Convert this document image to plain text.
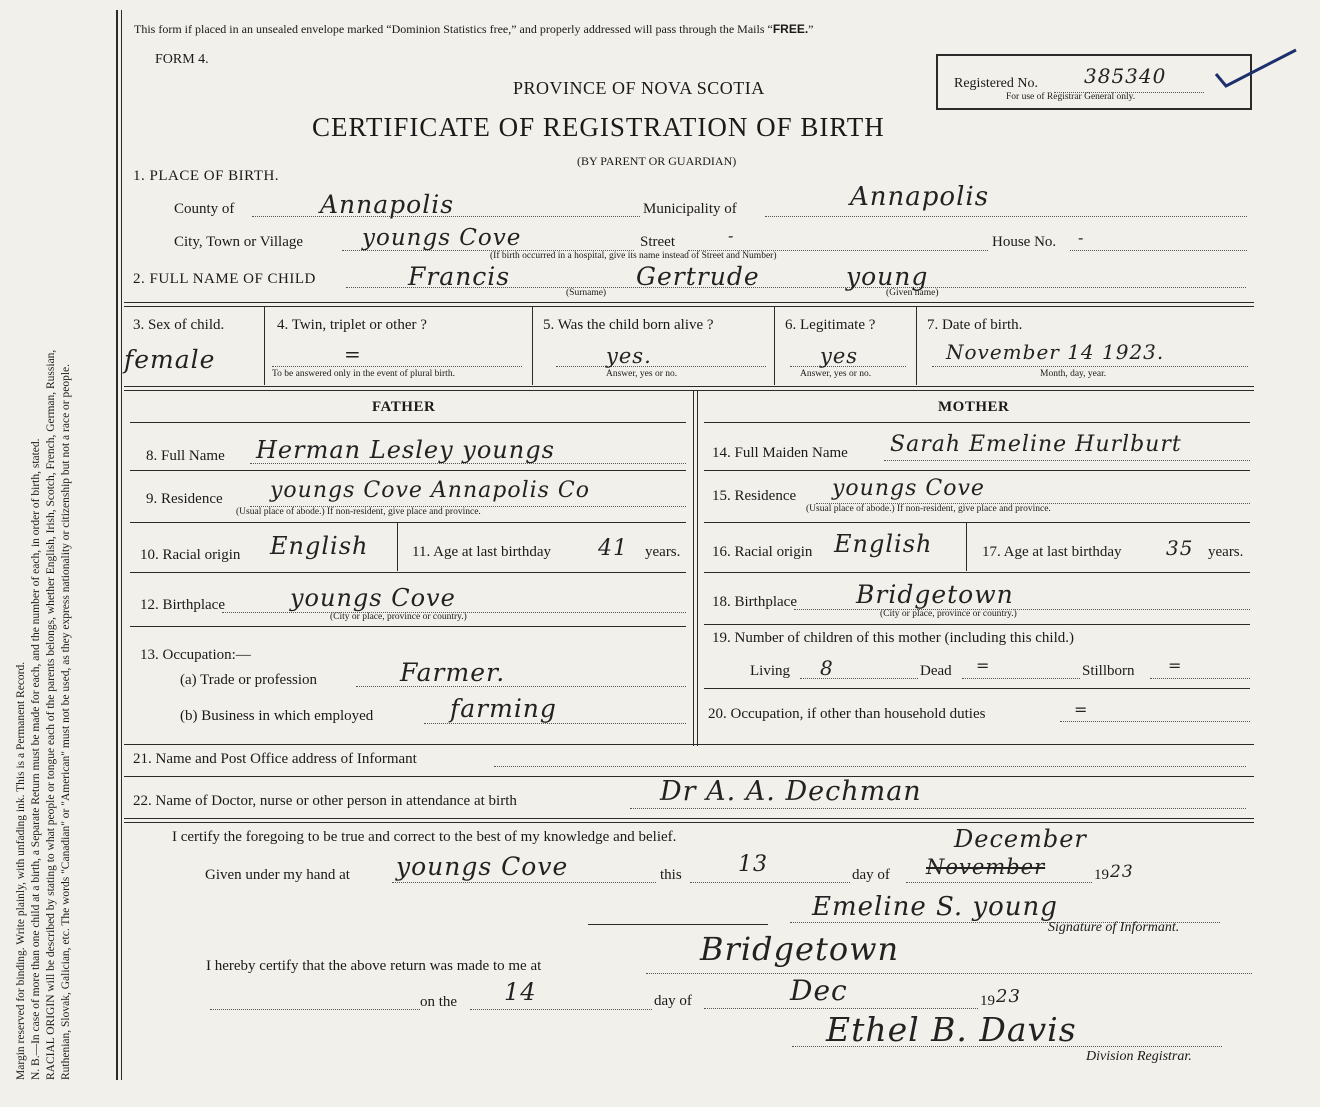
Margin reserved for binding. Write plainly, with unfading ink. This is a Permanent Record. N. B.—In case of more than one child at a birth, a Separate Return must be made for each, and the number of each, in order of birth, stated. RACIAL ORIGIN will be described by stating to what people or tongue each of the parents belongs, whether English, Irish, Scotch, French, German, Russian, Ruthenian, Slovak, Galician, etc. The words "Canadian" or "American" must not be used, as they express nationality or citizenship but not a race or people.
This form if placed in an unsealed envelope marked “Dominion Statistics free,” and properly addressed will pass through the Mails “FREE.”
FORM 4.
PROVINCE OF NOVA SCOTIA
CERTIFICATE OF REGISTRATION OF BIRTH
(BY PARENT OR GUARDIAN)
Registered No. 385340
For use of Registrar General only.
1. PLACE OF BIRTH.
County of	Annapolis	Municipality of	Annapolis
City, Town or Village	youngs Cove	Street	-
(If birth occurred in a hospital, give its name instead of Street and Number)
House No. -
2. FULL NAME OF CHILD	Francis
(Surname)
Gertrude	young
(Given name)
3. Sex of child.
female
4. Twin, triplet or other ?
=
To be answered only in the event of plural birth.
5. Was the child born alive ?
yes.
Answer, yes or no.
6. Legitimate ?
yes
Answer, yes or no.
7. Date of birth.
November 14 1923.
Month, day, year.
FATHER	MOTHER
8. Full Name Herman Lesley youngs	14. Full Maiden Name Sarah Emeline Hurlburt
9. Residence youngs Cove Annapolis Co
(Usual place of abode.) If non-resident, give place and province.
15. Residence youngs Cove
(Usual place of abode.) If non-resident, give place and province.
10. Racial origin English	11. Age at last birthday 41 years. 16. Racial origin English	17. Age at last birthday 35 years.
12. Birthplace	youngs Cove
(City or place, province or country.)
18. Birthplace Bridgetown
(City or place, province or country.)
13. Occupation:—
(a) Trade or profession	Farmer.
(b) Business in which employed	farming
19. Number of children of this mother (including this child.)
Living 8	Dead =	Stillborn =
20. Occupation, if other than household duties	=
21. Name and Post Office address of Informant
22. Name of Doctor, nurse or other person in attendance at birth	Dr A. A. Dechman
I certify the foregoing to be true and correct to the best of my knowledge and belief.
Given under my hand at youngs Cove	this	13	day of
December
November	19 23
Emeline S. young
Signature of Informant.
I hereby certify that the above return was made to me at	Bridgetown
on the 14	day of	Dec	19 23
Ethel B. Davis
Division Registrar.
